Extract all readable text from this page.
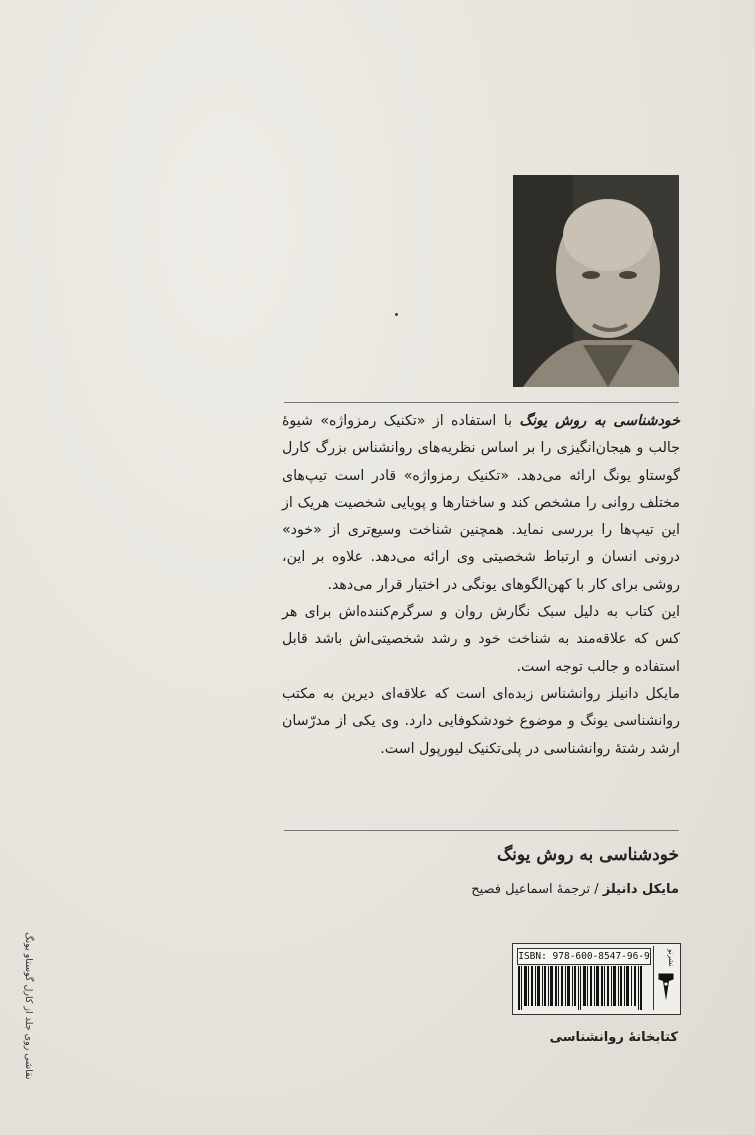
خودشناسی به روش یونگ با استفاده از «تکنیک رمزواژه» شیوهٔ جالب و هیجان‌انگیزی را بر اساس نظریه‌های روانشناس بزرگ کارل گوستاو یونگ ارائه می‌دهد. «تکنیک رمزواژه» قادر است تیپ‌های مختلف روانی را مشخص کند و ساختارها و پویایی شخصیت هریک از این تیپ‌ها را بررسی نماید. همچنین شناخت وسیع‌تری از «خود» درونی انسان و ارتباط شخصیتی وی ارائه می‌دهد. علاوه بر این، روشی برای کار با کهن‌الگوهای یونگی در اختیار قرار می‌دهد.

این کتاب به دلیل سبک نگارش روان و سرگرم‌کننده‌اش برای هر کس که علاقه‌مند به شناخت خود و رشد شخصیتی‌اش باشد قابل استفاده و جالب توجه است.

مایکل دانیلز روانشناس زبده‌ای است که علاقه‌ای دیرین به مکتب روانشناسی یونگ و موضوع خودشکوفایی دارد. وی یکی از مدرّسان ارشد رشتهٔ روانشناسی در پلی‌تکنیک لیورپول است.

خودشناسی به روش یونگ
مایکل دانیلز / ترجمهٔ اسماعیل فصیح
ISBN: 978-600-8547-96-9 نشرنو
کتابخانهٔ روانشناسی
نقاشی روی جلد از کارل گوستاو یونگ
